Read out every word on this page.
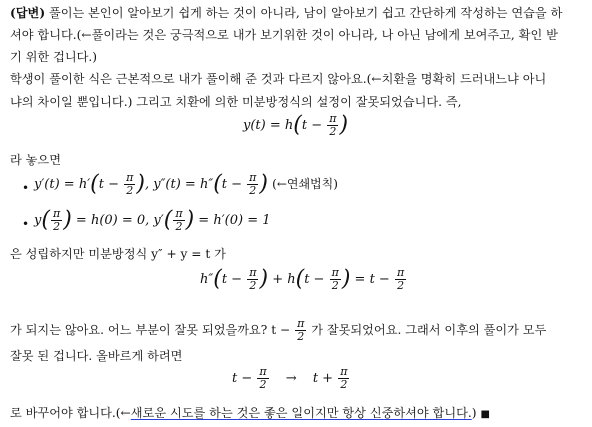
(답변) 풀이는 본인이 알아보기 쉽게 하는 것이 아니라, 남이 알아보기 쉽고 간단하게 작성하는 연습을 하
셔야 합니다.(←풀이라는 것은 궁극적으로 내가 보기위한 것이 아니라, 나 아닌 남에게 보여주고, 확인 받
기 위한 겁니다.)
학생이 풀이한 식은 근본적으로 내가 풀이해 준 것과 다르지 않아요.(←치환을 명확히 드러내느냐 아니
냐의 차이일 뿐입니다.) 그리고 치환에 의한 미분방정식의 설정이 잘못되었습니다. 즉,
$y(t) = h(t - \frac{\pi}{2}$ )
라 놓으면
• $y'(t) = h'(t - \frac{\pi}{2}$ ), $y''(t) = h''(t - \frac{\pi}{2}$ ) (←연쇄법칙)
• $y( \frac{\pi}{2}$ ) = h(0) = 0, $y'( \frac{\pi}{2}$ ) = h′(0) = 1
은 성립하지만 미분방정식 y″ + y = t 가
$h''(t - \frac{\pi}{2}$ ) + $h(t - \frac{\pi}{2}$ ) = $t - \frac{\pi}{2}$
가 되지는 않아요. 어느 부분이 잘못 되었을까요? $t - \frac{\pi}{2}$ 가 잘못되었어요. 그래서 이후의 풀이가 모두
잘못 된 겁니다. 올바르게 하려면
$t - \frac{\pi}{2} \to t + \frac{\pi}{2}$
로 바꾸어야 합니다.(←새로운 시도를 하는 것은 좋은 일이지만 항상 신중하셔야 합니다.) ■
